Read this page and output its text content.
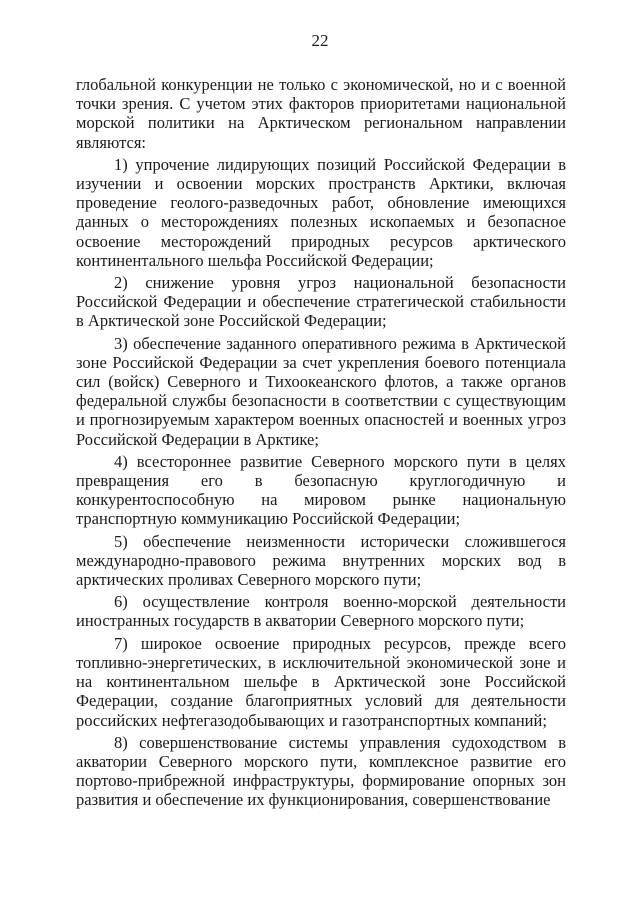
22

глобальной конкуренции не только с экономической, но и с военной точки зрения. С учетом этих факторов приоритетами национальной морской политики на Арктическом региональном направлении являются:

1) упрочение лидирующих позиций Российской Федерации в изучении и освоении морских пространств Арктики, включая проведение геолого-разведочных работ, обновление имеющихся данных о месторождениях полезных ископаемых и безопасное освоение месторождений природных ресурсов арктического континентального шельфа Российской Федерации;

2) снижение уровня угроз национальной безопасности Российской Федерации и обеспечение стратегической стабильности в Арктической зоне Российской Федерации;

3) обеспечение заданного оперативного режима в Арктической зоне Российской Федерации за счет укрепления боевого потенциала сил (войск) Северного и Тихоокеанского флотов, а также органов федеральной службы безопасности в соответствии с существующим и прогнозируемым характером военных опасностей и военных угроз Российской Федерации в Арктике;

4) всестороннее развитие Северного морского пути в целях превращения его в безопасную круглогодичную и конкурентоспособную на мировом рынке национальную транспортную коммуникацию Российской Федерации;

5) обеспечение неизменности исторически сложившегося международно-правового режима внутренних морских вод в арктических проливах Северного морского пути;

6) осуществление контроля военно-морской деятельности иностранных государств в акватории Северного морского пути;

7) широкое освоение природных ресурсов, прежде всего топливно-энергетических, в исключительной экономической зоне и на континентальном шельфе в Арктической зоне Российской Федерации, создание благоприятных условий для деятельности российских нефтегазодобывающих и газотранспортных компаний;

8) совершенствование системы управления судоходством в акватории Северного морского пути, комплексное развитие его портово-прибрежной инфраструктуры, формирование опорных зон развития и обеспечение их функционирования, совершенствование
